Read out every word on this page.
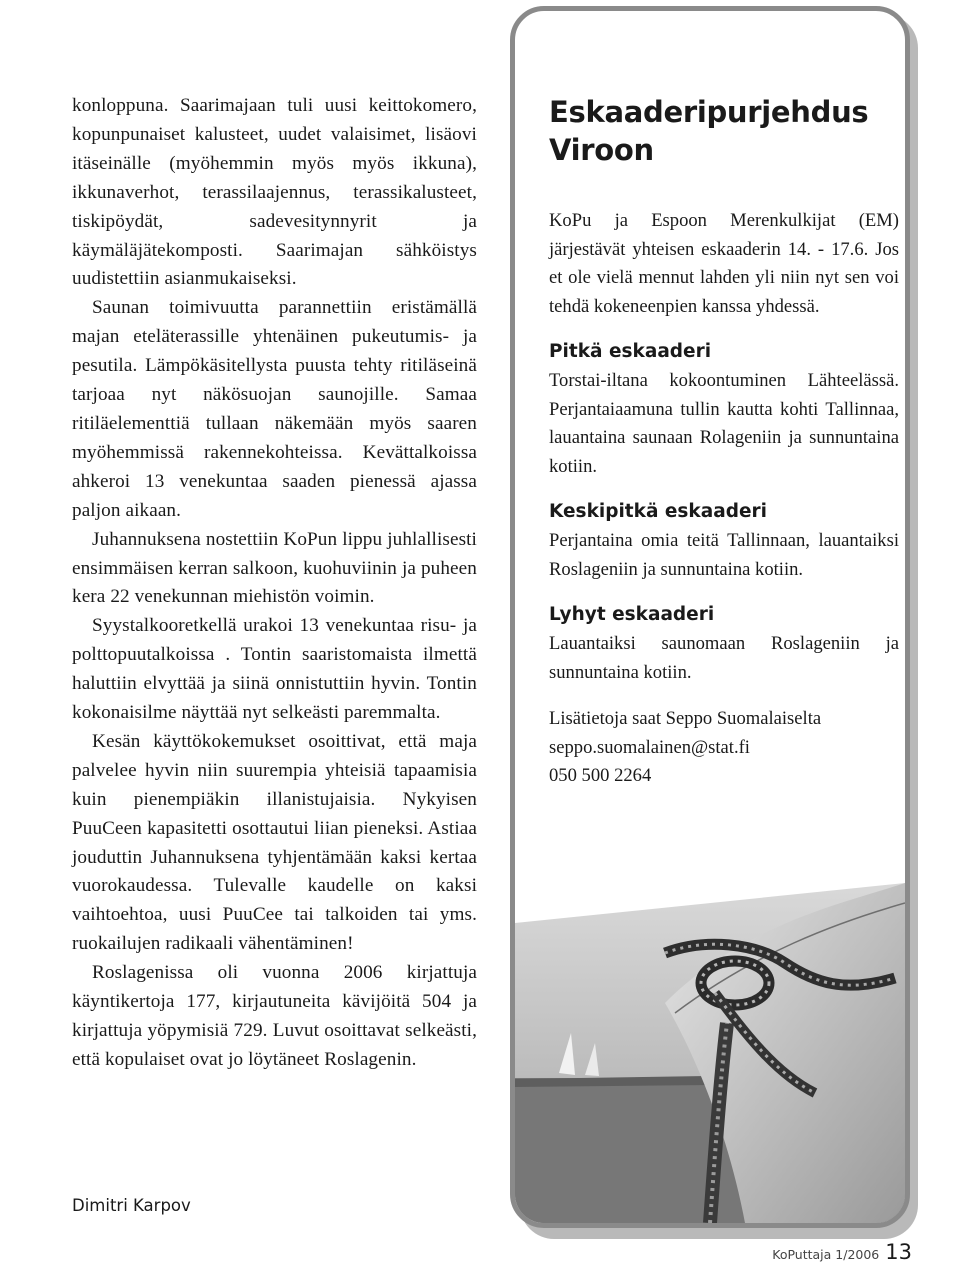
konloppuna. Saarimajaan tuli uusi keittokomero, kopunpunaiset kalusteet, uudet valaisimet, lisäovi itäseinälle (myöhemmin myös myös ikkuna), ikkunaverhot, terassilaajennus, terassikalusteet, tiskipöydät, sadevesitynnyrit ja käymäläjätekomposti. Saarimajan sähköistys uudistettiin asianmukaiseksi.

Saunan toimivuutta parannettiin eristämällä majan eteläterassille yhtenäinen pukeutumis- ja pesutila. Lämpökäsitellysta puusta tehty ritiläseinä tarjoaa nyt näkösuojan saunojille. Samaa ritiläelementtiä tullaan näkemään myös saaren myöhemmissä rakennekohteissa. Kevättalkoissa ahkeroi 13 venekuntaa saaden pienessä ajassa paljon aikaan.

Juhannuksena nostettiin KoPun lippu juhlallisesti ensimmäisen kerran salkoon, kuohuviinin ja puheen kera 22 venekunnan miehistön voimin.

Syystalkooretkellä urakoi 13 venekuntaa risu- ja polttopuutalkoissa . Tontin saaristomaista ilmettä haluttiin elvyttää ja siinä onnistuttiin hyvin. Tontin kokonaisilme näyttää nyt selkeästi paremmalta.

Kesän käyttökokemukset osoittivat, että maja palvelee hyvin niin suurempia yhteisiä tapaamisia kuin pienempiäkin illanistujaisia. Nykyisen PuuCeen kapasitetti osottautui liian pieneksi. Astiaa jouduttin Juhannuksena tyhjentämään kaksi kertaa vuorokaudessa. Tulevalle kaudelle on kaksi vaihtoehtoa, uusi PuuCee tai talkoiden tai yms. ruokailujen radikaali vähentäminen!

Roslagenissa oli vuonna 2006 kirjattuja käyntikertoja 177, kirjautuneita kävijöitä 504 ja kirjattuja yöpymisiä 729. Luvut osoittavat selkeästi, että kopulaiset ovat jo löytäneet Roslagenin.

Eskaaderipurjehdus Viroon

KoPu ja Espoon Merenkulkijat (EM) järjestävät yhteisen eskaaderin 14. - 17.6. Jos et ole vielä mennut lahden yli niin nyt sen voi tehdä kokeneenpien kanssa yhdessä.

Pitkä eskaaderi

Torstai-iltana kokoontuminen Lähteelässä. Perjantaiaamuna tullin kautta kohti Tallinnaa, lauantaina saunaan Rolageniin ja sunnuntaina kotiin.

Keskipitkä eskaaderi

Perjantaina omia teitä Tallinnaan, lauantaiksi Roslageniin ja sunnuntaina kotiin.

Lyhyt eskaaderi

Lauantaiksi saunomaan Roslageniin ja sunnuntaina kotiin.

Lisätietoja saat Seppo Suomalaiselta
seppo.suomalainen@stat.fi
050 500 2264
Dimitri Karpov
KoPuttaja 1/2006 13
